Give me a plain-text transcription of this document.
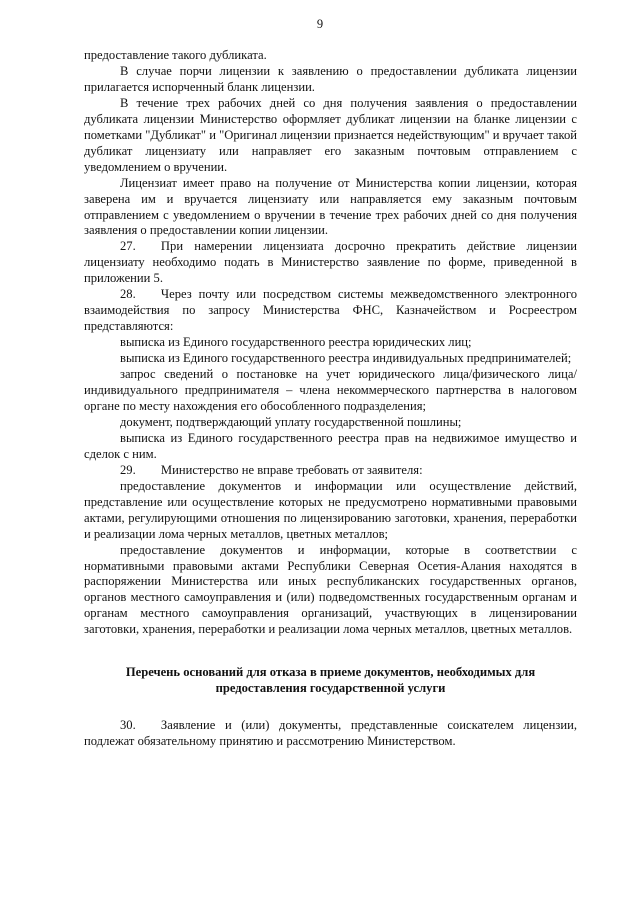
9

предоставление такого дубликата.

В случае порчи лицензии к заявлению о предоставлении дубликата лицензии прилагается испорченный бланк лицензии.

В течение трех рабочих дней со дня получения заявления о предоставлении дубликата лицензии Министерство оформляет дубликат лицензии на бланке лицензии с пометками "Дубликат" и "Оригинал лицензии признается недействующим" и вручает такой дубликат лицензиату или направляет его заказным почтовым отправлением с уведомлением о вручении.

Лицензиат имеет право на получение от Министерства копии лицензии, которая заверена им и вручается лицензиату или направляется ему заказным почтовым отправлением с уведомлением о вручении в течение трех рабочих дней со дня получения заявления о предоставлении копии лицензии.

27.  При намерении лицензиата досрочно прекратить действие лицензии лицензиату необходимо подать в Министерство заявление по форме, приведенной в приложении 5.

28.  Через почту или посредством системы межведомственного электронного взаимодействия по запросу Министерства ФНС, Казначейством и Росреестром представляются:

выписка из Единого государственного реестра юридических лиц;

выписка из Единого государственного реестра индивидуальных предпринимателей;

запрос сведений о постановке на учет юридического лица/физического лица/индивидуального предпринимателя – члена некоммерческого партнерства в налоговом органе по месту нахождения его обособленного подразделения;

документ, подтверждающий уплату государственной пошлины;

выписка из Единого государственного реестра прав на недвижимое имущество и сделок с ним.

29.  Министерство не вправе требовать от заявителя:

предоставление документов и информации или осуществление действий, представление или осуществление которых не предусмотрено нормативными правовыми актами, регулирующими отношения по лицензированию заготовки, хранения, переработки и реализации лома черных металлов, цветных металлов;

предоставление документов и информации, которые в соответствии с нормативными правовыми актами Республики Северная Осетия-Алания находятся в распоряжении Министерства или иных республиканских государственных органов, органов местного самоуправления и (или) подведомственных государственным органам и органам местного самоуправления организаций, участвующих в лицензировании заготовки, хранения, переработки и реализации лома черных металлов, цветных металлов.

Перечень оснований для отказа в приеме документов, необходимых для
предоставления государственной услуги

30.  Заявление и (или) документы, представленные соискателем лицензии, подлежат обязательному принятию и рассмотрению Министерством.
